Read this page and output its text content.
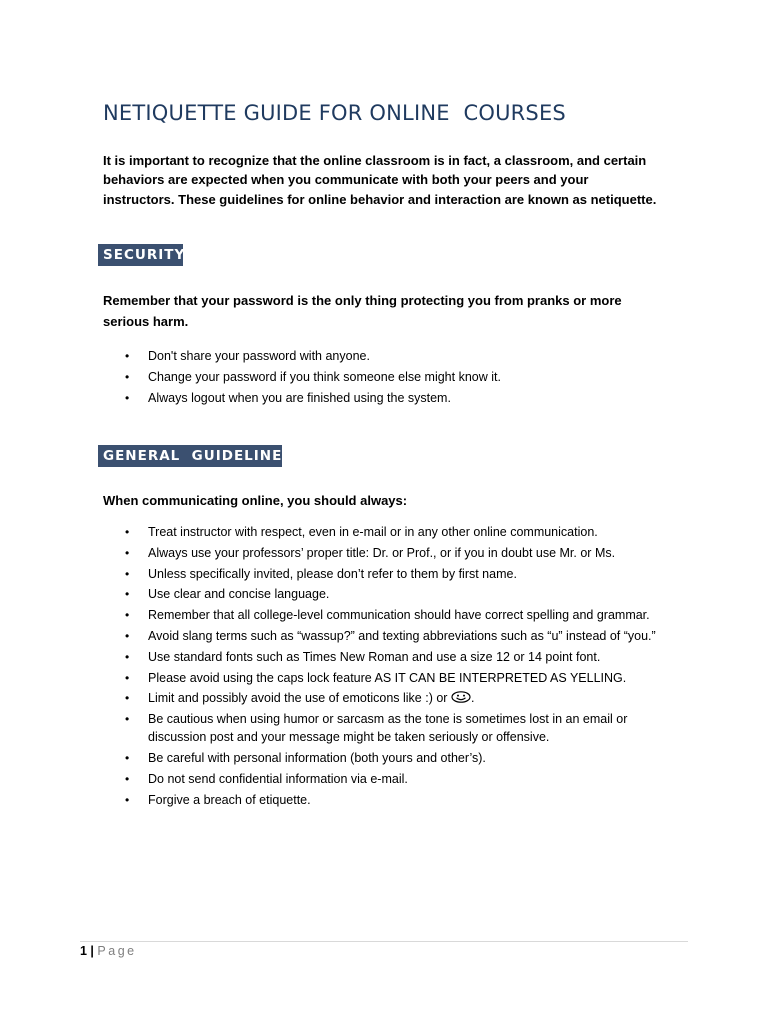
NETIQUETTE GUIDE FOR ONLINE  COURSES

It is important to recognize that the online classroom is in fact, a classroom, and certain behaviors are expected when you communicate with both your peers and your instructors. These guidelines for online behavior and interaction are known as netiquette.

SECURITY

Remember that your password is the only thing protecting you from pranks or more serious harm.

• Don't share your password with anyone.
• Change your password if you think someone else might know it.
• Always logout when you are finished using the system.
GENERAL  GUIDELINES

When communicating online, you should always:

• Treat instructor with respect, even in e-mail or in any other online communication.
• Always use your professors’ proper title: Dr. or Prof., or if you in doubt use Mr. or Ms.
• Unless specifically invited, please don’t refer to them by first name.
• Use clear and concise language.
• Remember that all college-level communication should have correct spelling and grammar.
• Avoid slang terms such as “wassup?” and texting abbreviations such as “u” instead of “you.”
• Use standard fonts such as Times New Roman and use a size 12 or 14 point font.
• Please avoid using the caps lock feature AS IT CAN BE INTERPRETED AS YELLING.
• Limit and possibly avoid the use of emoticons like :) or .
• Be cautious when using humor or sarcasm as the tone is sometimes lost in an email or discussion post and your message might be taken seriously or offensive.
• Be careful with personal information (both yours and other’s).
• Do not send confidential information via e-mail.
• Forgive a breach of etiquette.
1 | Page
